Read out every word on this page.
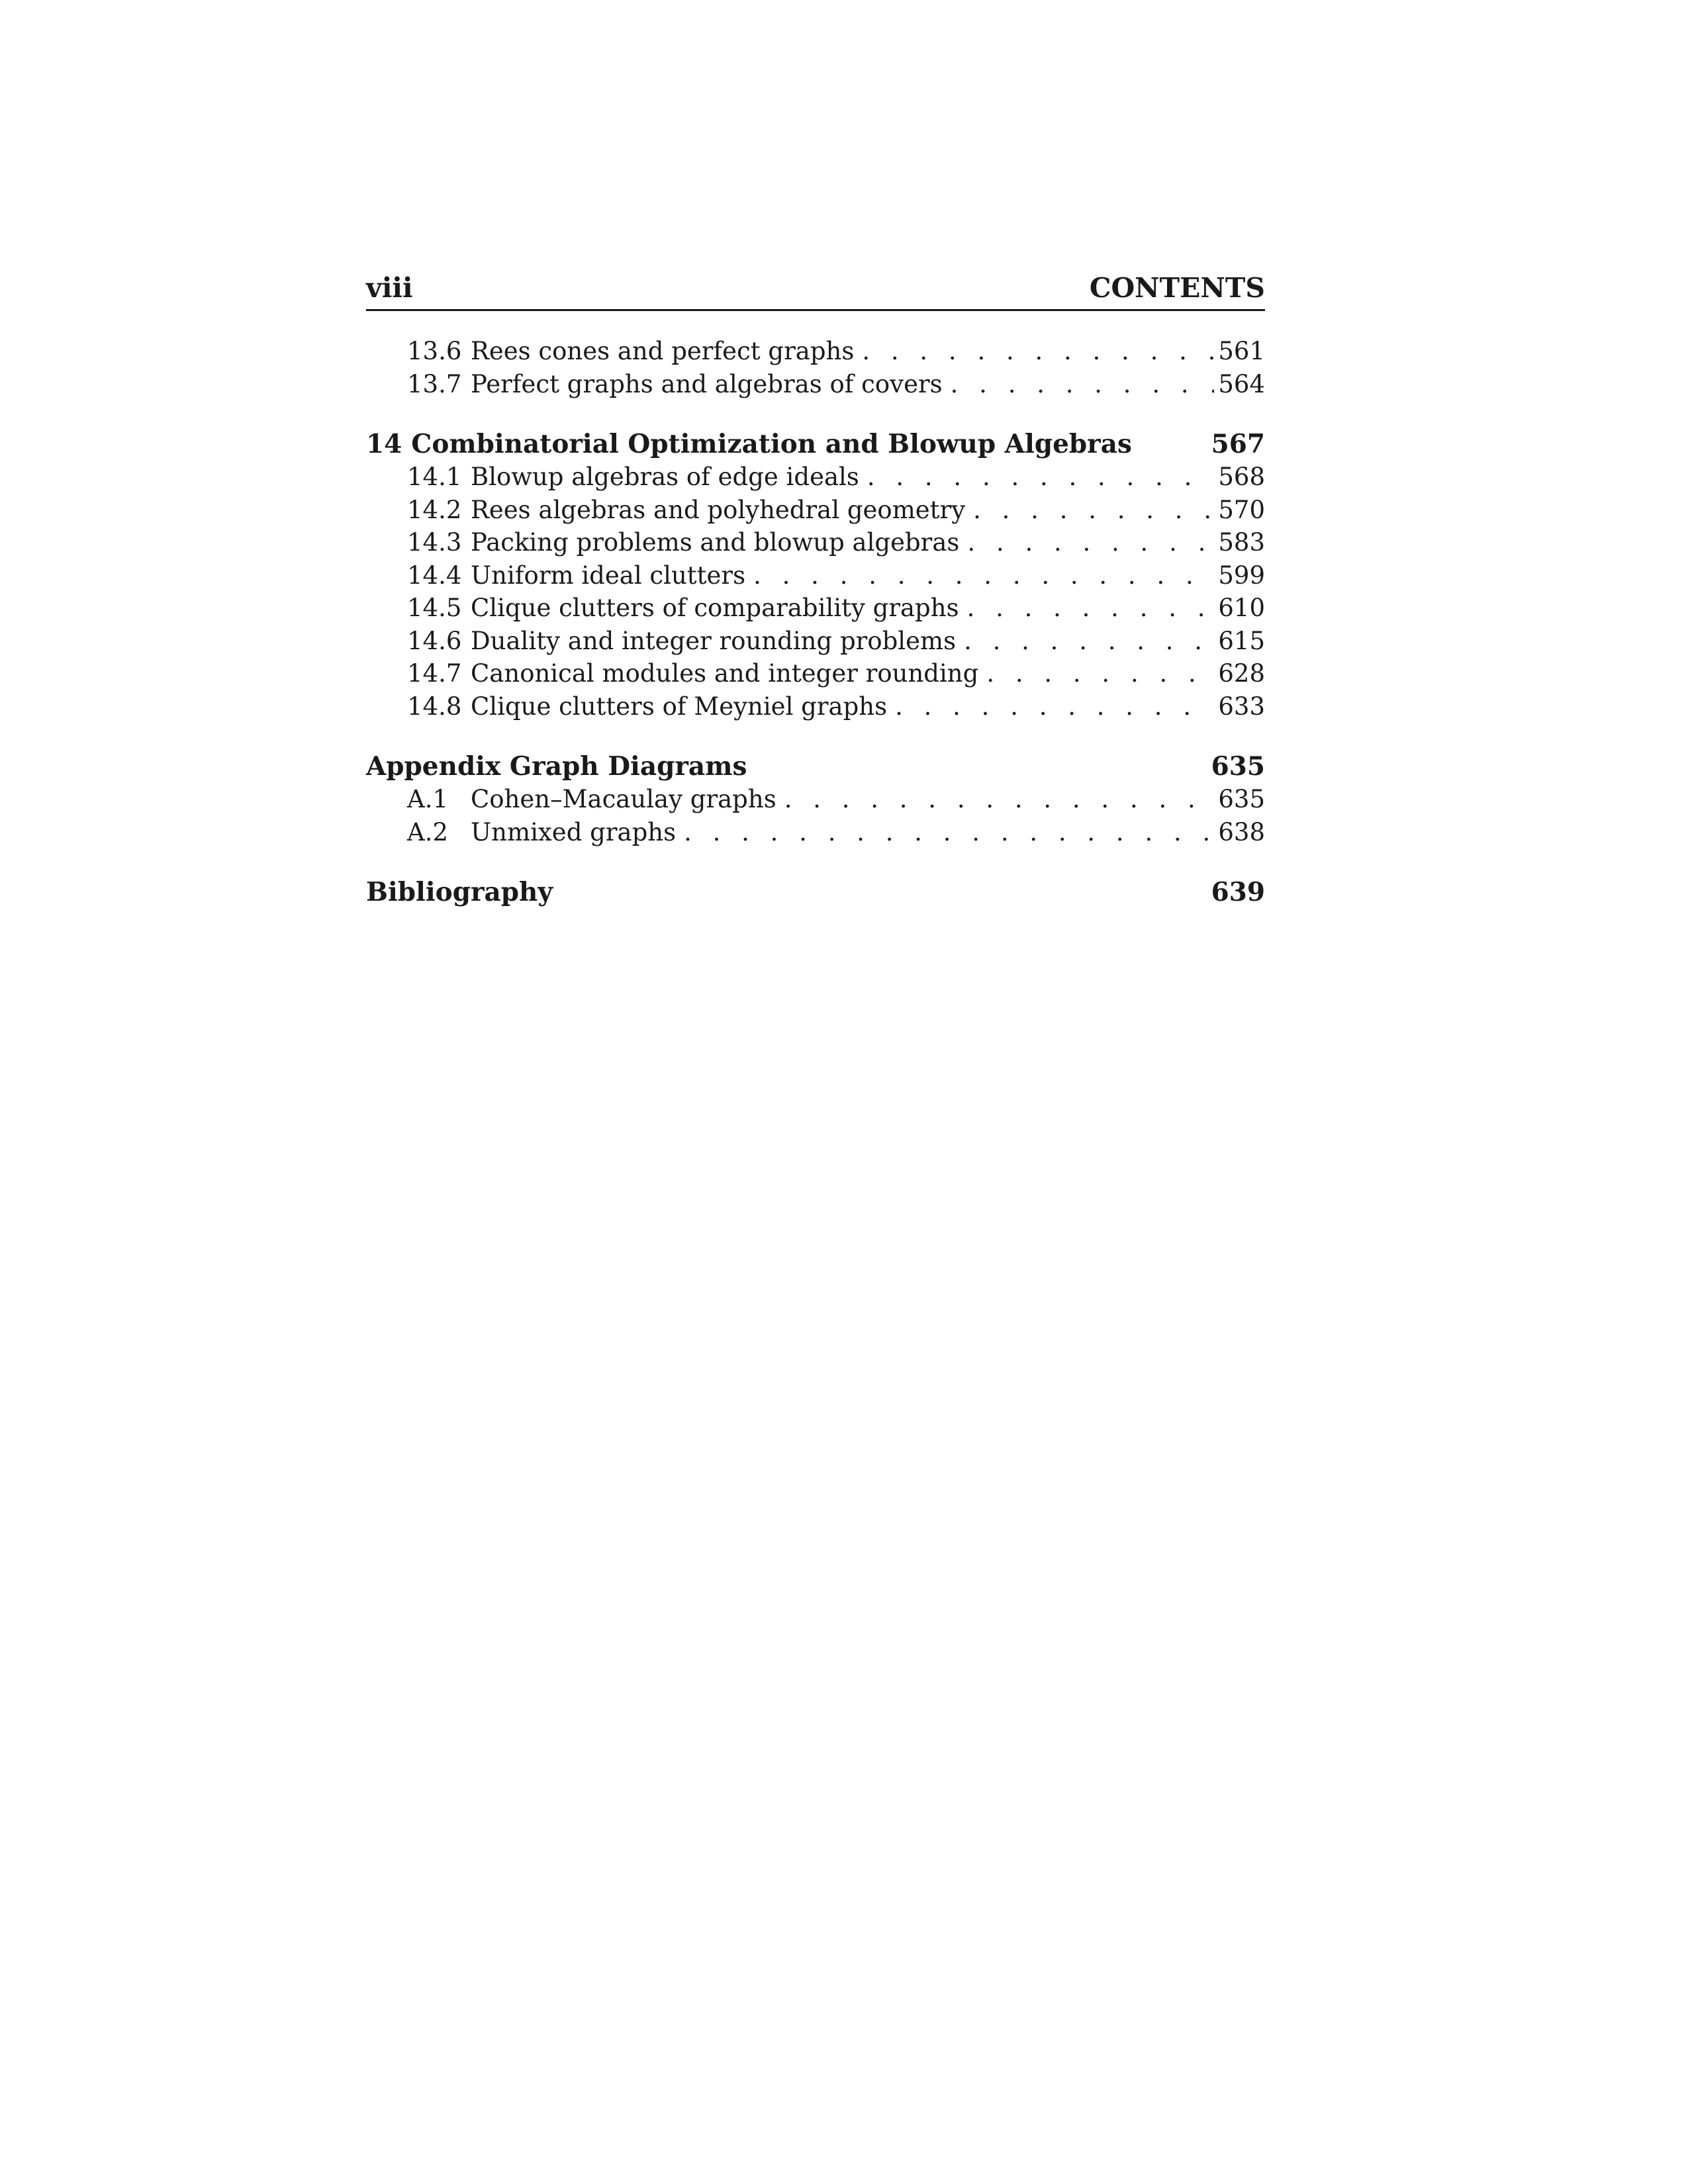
viii	CONTENTS
13.6 Rees cones and perfect graphs . . .	561
13.7 Perfect graphs and algebras of covers . . .	564
14 Combinatorial Optimization and Blowup Algebras	567
14.1 Blowup algebras of edge ideals . . .	568
14.2 Rees algebras and polyhedral geometry . . .	570
14.3 Packing problems and blowup algebras . . .	583
14.4 Uniform ideal clutters . . .	599
14.5 Clique clutters of comparability graphs . . .	610
14.6 Duality and integer rounding problems . . .	615
14.7 Canonical modules and integer rounding . . .	628
14.8 Clique clutters of Meyniel graphs . . .	633
Appendix Graph Diagrams	635
A.1 Cohen–Macaulay graphs . . .	635
A.2 Unmixed graphs . . .	638
Bibliography	639
